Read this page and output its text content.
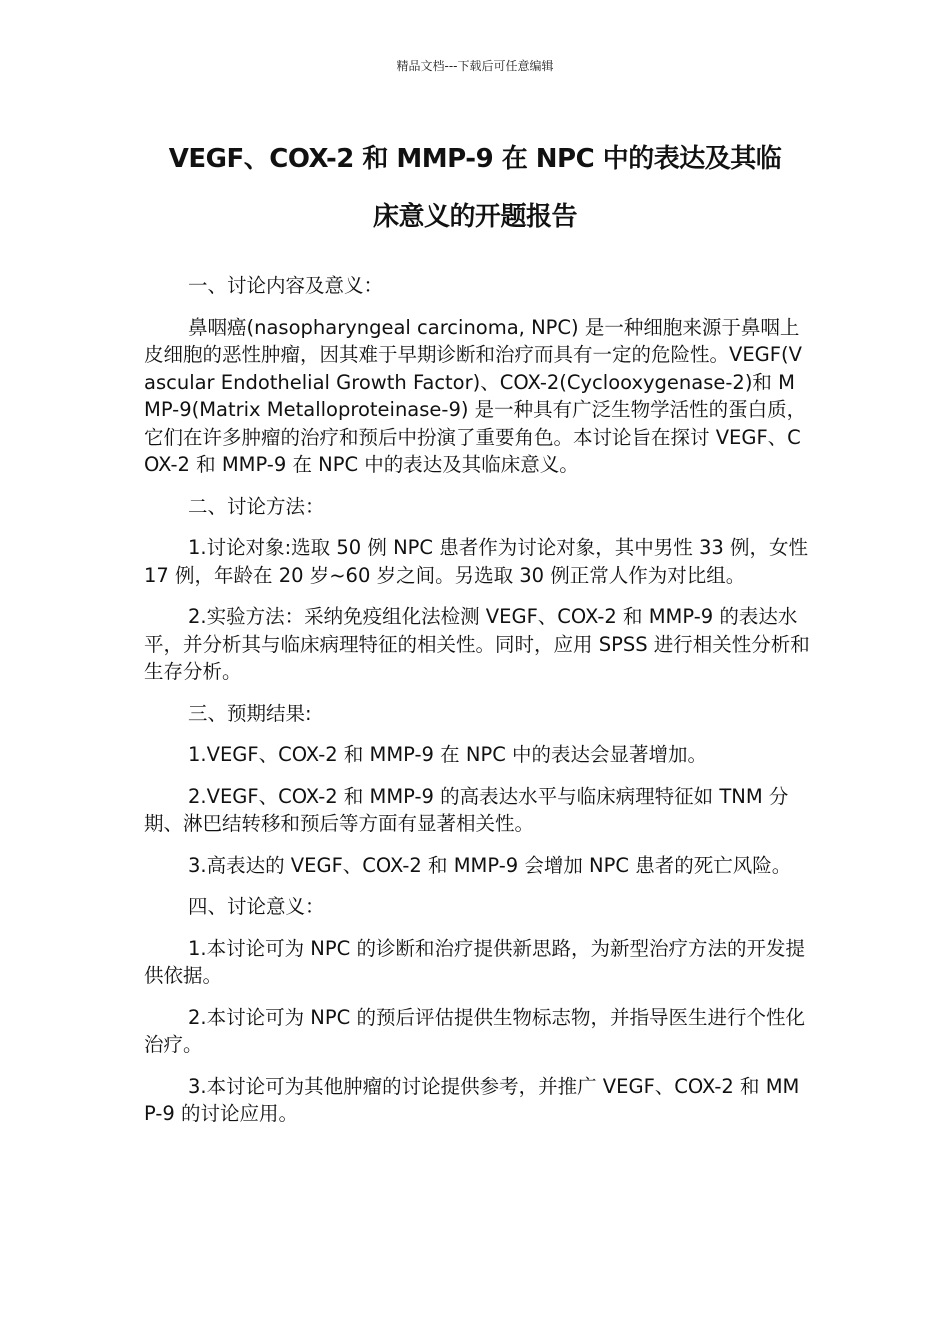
精品文档---下载后可任意编辑
VEGF、COX-2 和 MMP-9 在 NPC 中的表达及其临
床意义的开题报告

一、讨论内容及意义：

鼻咽癌(nasopharyngeal carcinoma, NPC) 是一种细胞来源于鼻咽上皮细胞的恶性肿瘤，因其难于早期诊断和治疗而具有一定的危险性。VEGF(Vascular Endothelial Growth Factor)、COX-2(Cyclooxygenase-2)和 MMP-9(Matrix Metalloproteinase-9) 是一种具有广泛生物学活性的蛋白质，它们在许多肿瘤的治疗和预后中扮演了重要角色。本讨论旨在探讨 VEGF、COX-2 和 MMP-9 在 NPC 中的表达及其临床意义。

二、讨论方法：

1.讨论对象:选取 50 例 NPC 患者作为讨论对象，其中男性 33 例，女性 17 例，年龄在 20 岁~60 岁之间。另选取 30 例正常人作为对比组。

2.实验方法：采纳免疫组化法检测 VEGF、COX-2 和 MMP-9 的表达水平，并分析其与临床病理特征的相关性。同时，应用 SPSS 进行相关性分析和生存分析。

三、预期结果:

1.VEGF、COX-2 和 MMP-9 在 NPC 中的表达会显著增加。

2.VEGF、COX-2 和 MMP-9 的高表达水平与临床病理特征如 TNM 分期、淋巴结转移和预后等方面有显著相关性。

3.高表达的 VEGF、COX-2 和 MMP-9 会增加 NPC 患者的死亡风险。

四、讨论意义：

1.本讨论可为 NPC 的诊断和治疗提供新思路，为新型治疗方法的开发提供依据。

2.本讨论可为 NPC 的预后评估提供生物标志物，并指导医生进行个性化治疗。

3.本讨论可为其他肿瘤的讨论提供参考，并推广 VEGF、COX-2 和 MMP-9 的讨论应用。
